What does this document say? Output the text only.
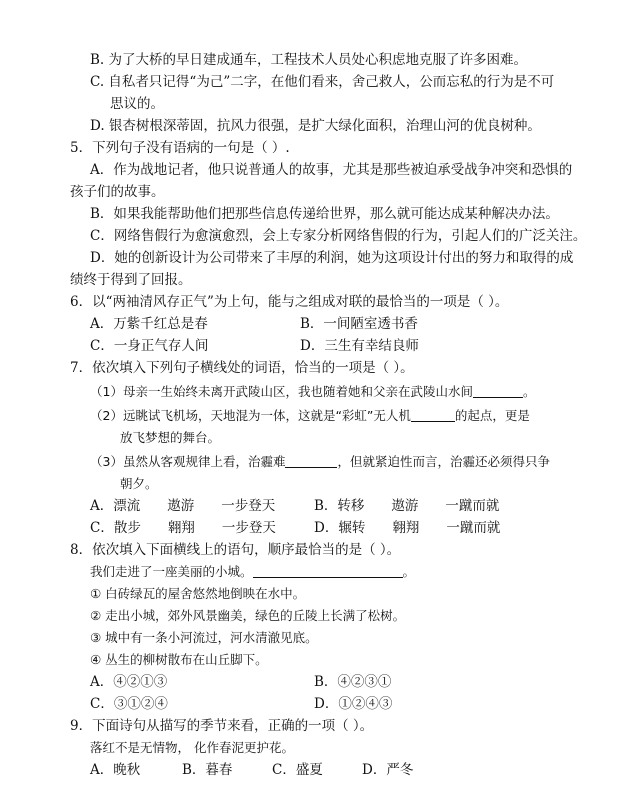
B. 为了大桥的早日建成通车，工程技术人员处心积虑地克服了许多困难。
C. 自私者只记得“为己”二字，在他们看来，舍己救人，公而忘私的行为是不可
思议的。
D. 银杏树根深蒂固，抗风力很强，是扩大绿化面积，治理山河的优良树种。
5．下列句子没有语病的一句是（ ）.
A．作为战地记者，他只说普通人的故事，尤其是那些被迫承受战争冲突和恐惧的
孩子们的故事。
B．如果我能帮助他们把那些信息传递给世界，那么就可能达成某种解决办法。
C．网络售假行为愈演愈烈，会上专家分析网络售假的行为，引起人们的广泛关注。
D．她的创新设计为公司带来了丰厚的利润，她为这项设计付出的努力和取得的成
绩终于得到了回报。
6．以“两袖清风存正气”为上句，能与之组成对联的最恰当的一项是（ ）。
A．万紫千红总是春	B．一间陋室透书香
C．一身正气存人间	D．三生有幸结良师
7．依次填入下列句子横线处的词语，恰当的一项是（ ）。
（1）母亲一生始终未离开武陵山区，我也随着她和父亲在武陵山水间	。
（2）远眺试飞机场，天地混为一体，这就是“彩虹”无人机	的起点，更是
放飞梦想的舞台。
（3）虽然从客观规律上看，治霾难	，但就紧迫性而言，治霾还必须得只争
朝夕。
A．漂流　　遨游　　一步登天	B．转移　　遨游　　一蹴而就
C．散步　　翱翔　　一步登天	D．辗转　　翱翔　　一蹴而就
8．依次填入下面横线上的语句，顺序最恰当的是（ ）。
我们走进了一座美丽的小城。	。
① 白砖绿瓦的屋舍悠然地倒映在水中。
② 走出小城，郊外风景幽美，绿色的丘陵上长满了松树。
③ 城中有一条小河流过，河水清澈见底。
④ 丛生的柳树散布在山丘脚下。
A．④②①③	B．④②③①
C．③①②④	D．①②④③
9．下面诗句从描写的季节来看，正确的一项（ ）。
落红不是无情物， 化作春泥更护花。
A．晚秋	B．暮春	C．盛夏	D．严冬
